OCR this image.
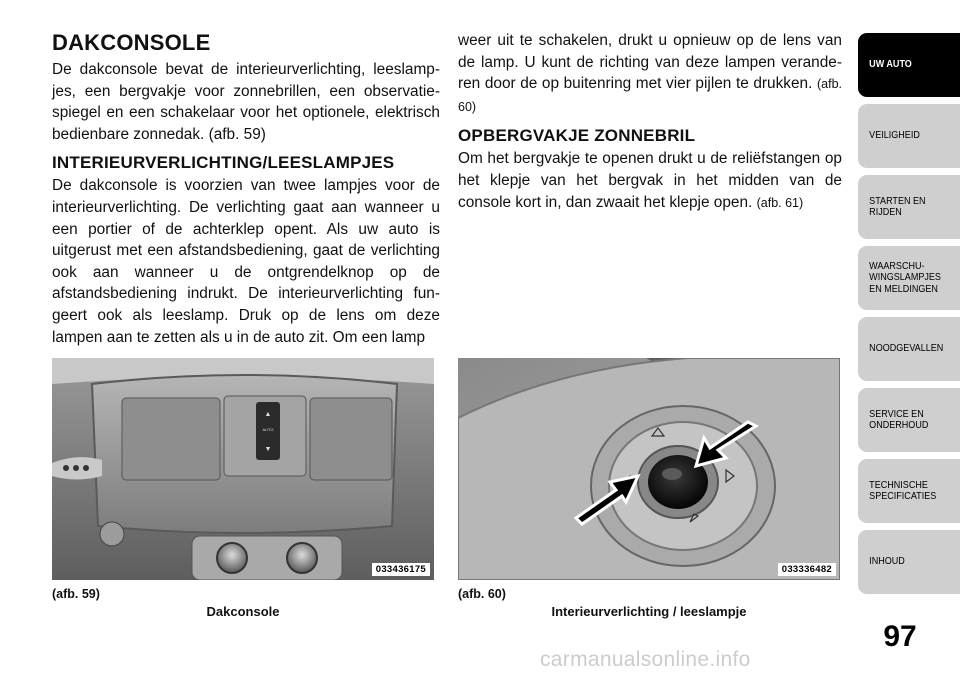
DAKCONSOLE

De dakconsole bevat de interieurverlichting, leeslampjes, een bergvakje voor zonnebrillen, een observatiespiegel en een schakelaar voor het optionele, elektrisch bedienbare zonnedak. (afb. 59)

INTERIEURVERLICHTING/LEESLAMPJES

De dakconsole is voorzien van twee lampjes voor de interieurverlichting. De verlichting gaat aan wanneer u een portier of de achterklep opent. Als uw auto is uitgerust met een afstandsbediening, gaat de verlichting ook aan wanneer u de ontgrendelknop op de afstandsbediening indrukt. De interieurverlichting fungeert ook als leeslamp. Druk op de lens om deze lampen aan te zetten als u in de auto zit. Om een lamp

weer uit te schakelen, drukt u opnieuw op de lens van de lamp. U kunt de richting van deze lampen veranderen door de op buitenring met vier pijlen te drukken. (afb. 60)

OPBERGVAKJE ZONNEBRIL

Om het bergvakje te openen drukt u de reliëfstangen op het klepje van het bergvak in het midden van de console kort in, dan zwaait het klepje open. (afb. 61)

▲
AUTO
▼
033436175	033336482
(afb. 59)
Dakconsole
(afb. 60)
Interieurverlichting / leeslampje
UW AUTO
VEILIGHEID
STARTEN EN
RIJDEN
WAARSCHU-
WINGSLAMPJES
EN MELDINGEN
NOODGEVALLEN
SERVICE EN
ONDERHOUD
TECHNISCHE
SPECIFICATIES
INHOUD
97
carmanualsonline.info
